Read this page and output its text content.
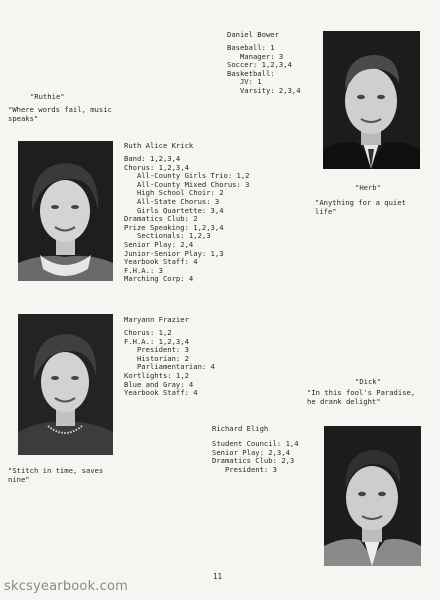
Daniel Bower
Baseball: 1
Manager: 3
Soccer: 1,2,3,4
Basketball:
JV: 1
Varsity: 2,3,4
"Herb"
"Anything for a quiet
life"
"Ruthie"
"Where words fail, music
speaks"
Ruth Alice Krick
Band: 1,2,3,4
Chorus: 1,2,3,4
All-County Girls Trio: 1,2
All-County Mixed Chorus: 3
High School Choir: 2
All-State Chorus: 3
Girls Quartette: 3,4
Dramatics Club: 2
Prize Speaking: 1,2,3,4
Sectionals: 1,2,3
Senior Play: 2,4
Junior-Senior Play: 1,3
Yearbook Staff: 4
F.H.A.: 3
Marching Corp: 4
Maryann Frazier
Chorus: 1,2
F.H.A.: 1,2,3,4
President: 3
Historian: 2
Parliamentarian: 4
Kortlights: 1,2
Blue and Gray: 4
Yearbook Staff: 4
"Stitch in time, saves
nine"
"Dick"
"In this fool's Paradise,
he drank delight"
Richard Eligh
Student Council: 1,4
Senior Play: 2,3,4
Dramatics Club: 2,3
President: 3
11
skcsyearbook.com
